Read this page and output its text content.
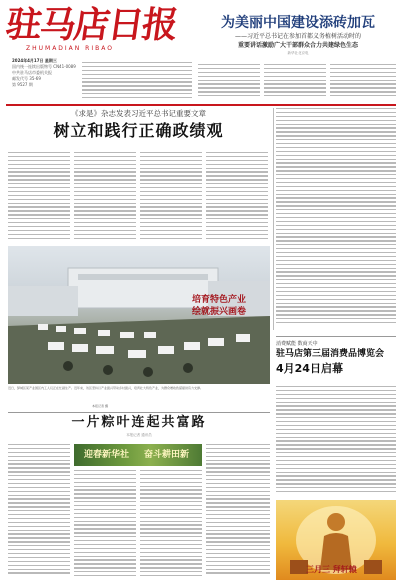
驻马店日报
ZHUMADIAN RIBAO
2024年4月17日 星期三
国内统一连续出版物号 CN41-0089
中共驻马店市委机关报
邮发代号 35-69
第 9527 期
为美丽中国建设添砖加瓦
——习近平总书记在参加首都义务植树活动时的
重要讲话激励广大干部群众合力共建绿色生态
新华社北京电
《求是》杂志发表习近平总书记重要文章
树立和践行正确政绩观
培育特色产业
绘就振兴画卷
近日，驿城区某产业园区内工人们正在忙碌生产。近年来，该区坚持以产业振兴带动乡村振兴，培育壮大特色产业，为群众增收致富提供有力支撑。
本报记者 摄
消费赋能 数商天中
驻马店第三届消费品博览会
4月24日启幕
一片粽叶连起共富路
本报记者 通讯员
迎春新华社 奋斗耕田新
三月三 拜轩辕
